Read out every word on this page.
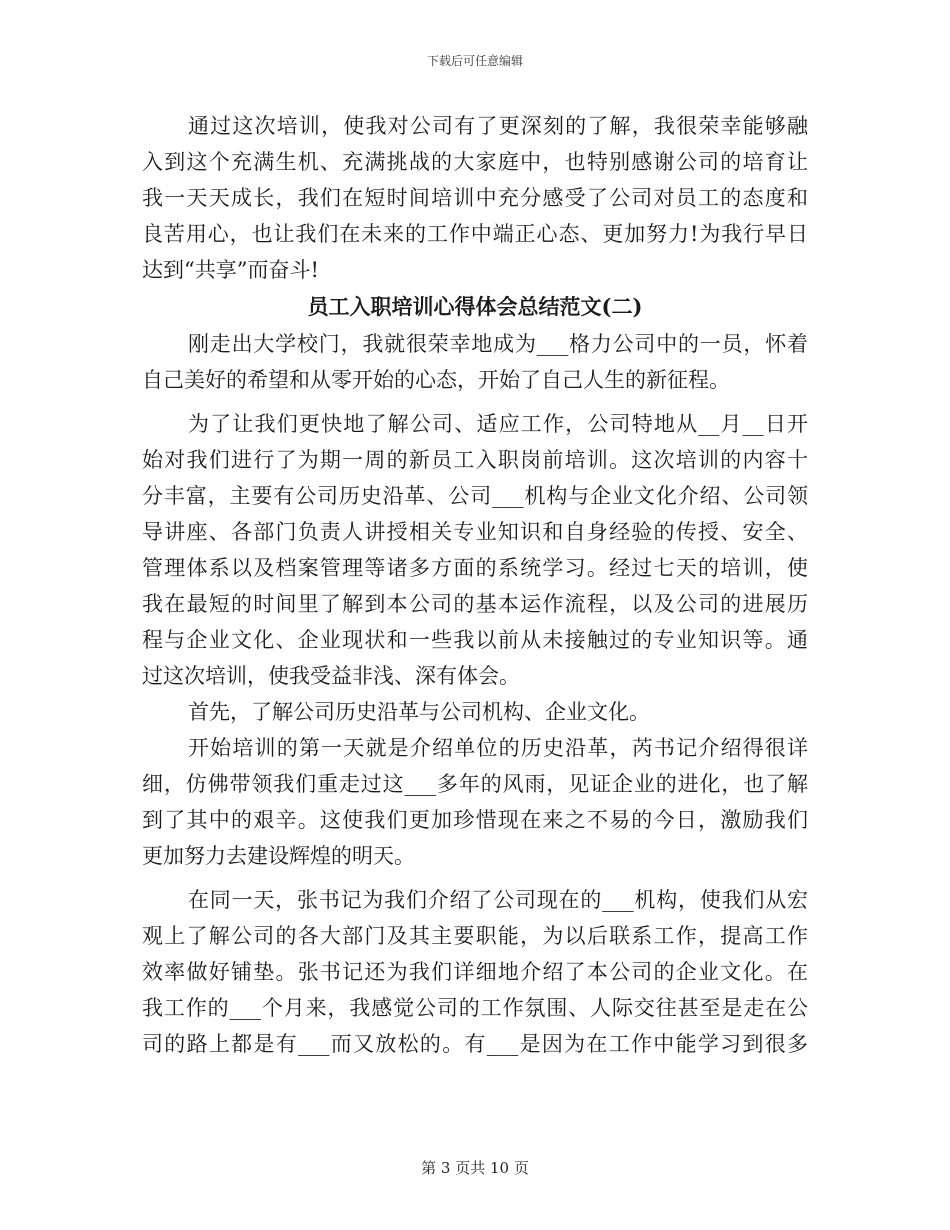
下载后可任意编辑
通过这次培训，使我对公司有了更深刻的了解，我很荣幸能够融
入到这个充满生机、充满挑战的大家庭中，也特别感谢公司的培育让
我一天天成长，我们在短时间培训中充分感受了公司对员工的态度和
良苦用心，也让我们在未来的工作中端正心态、更加努力!为我行早日
达到“共享”而奋斗!
员工入职培训心得体会总结范文(二)
刚走出大学校门，我就很荣幸地成为___格力公司中的一员，怀着
自己美好的希望和从零开始的心态，开始了自己人生的新征程。
为了让我们更快地了解公司、适应工作，公司特地从__月__日开
始对我们进行了为期一周的新员工入职岗前培训。这次培训的内容十
分丰富，主要有公司历史沿革、公司___机构与企业文化介绍、公司领
导讲座、各部门负责人讲授相关专业知识和自身经验的传授、安全、
管理体系以及档案管理等诸多方面的系统学习。经过七天的培训，使
我在最短的时间里了解到本公司的基本运作流程，以及公司的进展历
程与企业文化、企业现状和一些我以前从未接触过的专业知识等。通
过这次培训，使我受益非浅、深有体会。
首先，了解公司历史沿革与公司机构、企业文化。
开始培训的第一天就是介绍单位的历史沿革，芮书记介绍得很详
细，仿佛带领我们重走过这___多年的风雨，见证企业的进化，也了解
到了其中的艰辛。这使我们更加珍惜现在来之不易的今日，激励我们
更加努力去建设辉煌的明天。
在同一天，张书记为我们介绍了公司现在的___机构，使我们从宏
观上了解公司的各大部门及其主要职能，为以后联系工作，提高工作
效率做好铺垫。张书记还为我们详细地介绍了本公司的企业文化。在
我工作的___个月来，我感觉公司的工作氛围、人际交往甚至是走在公
司的路上都是有___而又放松的。有___是因为在工作中能学习到很多
第 3 页共 10 页
